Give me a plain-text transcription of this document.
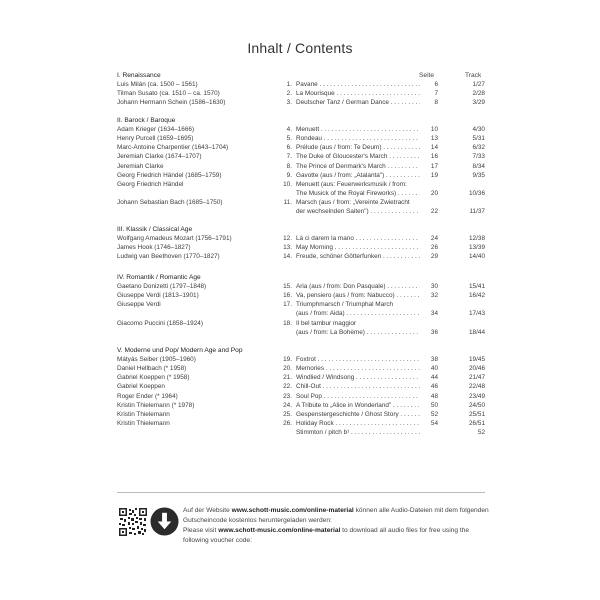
Inhalt / Contents
Seite	Track
I. Renaissance
Luis Milán (ca. 1500 – 1561)	1. Pavane . . .	6	1/27
Tilman Susato (ca. 1510 – ca. 1570)	2. La Mourisque . . .	7	2/28
Johann Hermann Schein (1586–1630)	3. Deutscher Tanz / German Dance . . .	8	3/29
II. Barock / Baroque
Adam Krieger (1634–1666)	4. Menuett . . .	10	4/30
Henry Purcell (1659–1695)	5. Rondeau . . .	13	5/31
Marc-Antoine Charpentier (1643–1704)	6. Prélude (aus / from: Te Deum) . . .	14	6/32
Jeremiah Clarke (1674–1707)	7. The Duke of Gloucester's March . . .	16	7/33
Jeremiah Clarke	8. The Prince of Denmark's March . . .	17	8/34
Georg Friedrich Händel (1685–1759)	9. Gavotte (aus / from: „Atalanta") . . .	19	9/35
Georg Friedrich Händel	10. Menuett (aus: Feuerwerksmusik / from:
The Musick of the Royal Fireworks) . . .	20	10/36
Johann Sebastian Bach (1685–1750)	11. Marsch (aus / from: „Vereinte Zwietracht
der wechselnden Saiten") . . .	22	11/37
III. Klassik / Classical Age
Wolfgang Amadeus Mozart (1756–1791)	12. Là ci darem la mano . . .	24	12/38
James Hook (1746–1827)	13. May Morning . . .	26	13/39
Ludwig van Beethoven (1770–1827)	14. Freude, schöner Götterfunken . . .	29	14/40
IV. Romantik / Romantic Age
Gaetano Donizetti (1797–1848)	15. Aria (aus / from: Don Pasquale) . . .	30	15/41
Giuseppe Verdi (1813–1901)	16. Va, pensiero (aus / from: Nabucco) . . .	32	16/42
Giuseppe Verdi	17. Triumphmarsch / Triumphal March
(aus / from: Aida) . . .	34	17/43
Giacomo Puccini (1858–1924)	18. Il bel tambur maggior
(aus / from: La Bohème) . . .	36	18/44
V. Moderne und Pop/ Modern Age and Pop
Mátyás Seiber (1905–1960)	19. Foxtrot . . .	38	19/45
Daniel Hellbach (* 1958)	20. Memories . . .	40	20/46
Gabriel Koeppen (* 1958)	21. Windlied / Windsong . . .	44	21/47
Gabriel Koeppen	22. Chill-Out . . .	46	22/48
Roger Ender (* 1964)	23. Soul Pop . . .	48	23/49
Kristin Thielemann (* 1978)	24. A Tribute to „Alice in Wonderland" . . .	50	24/50
Kristin Thielemann	25. Gespenstergeschichte / Ghost Story . . .	52	25/51
Kristin Thielemann	26. Holiday Rock . . .	54	26/51
Stimmton / pitch b¹ . . .	52

Auf der Website www.schott-music.com/online-material können alle Audio-Dateien mit dem folgenden Gutscheincode kostenlos heruntergeladen werden:

Please visit www.schott-music.com/online-material to download all audio files for free using the following voucher code:
